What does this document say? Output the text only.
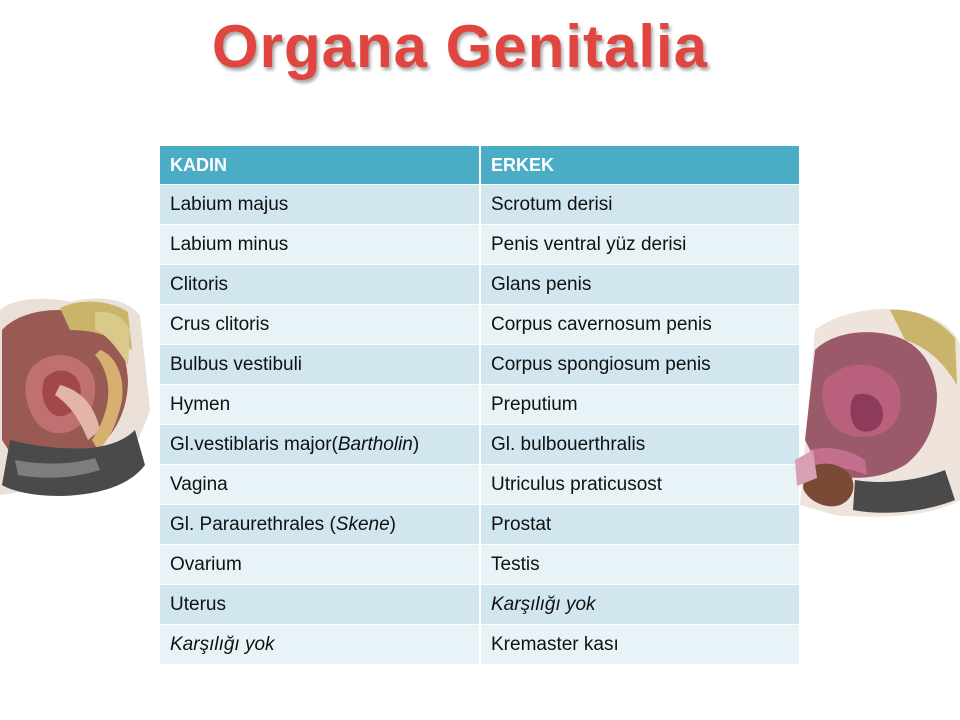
Organa Genitalia
KADIN	ERKEK
Labium majus	Scrotum derisi
Labium minus	Penis ventral yüz derisi
Clitoris	Glans penis
Crus clitoris	Corpus cavernosum penis
Bulbus vestibuli	Corpus spongiosum penis
Hymen	Preputium
Gl.vestiblaris major(Bartholin)	Gl. bulbouerthralis
Vagina	Utriculus praticusost
Gl. Paraurethrales (Skene)	Prostat
Ovarium	Testis
Uterus	Karşılığı yok
Karşılığı yok	Kremaster kası
